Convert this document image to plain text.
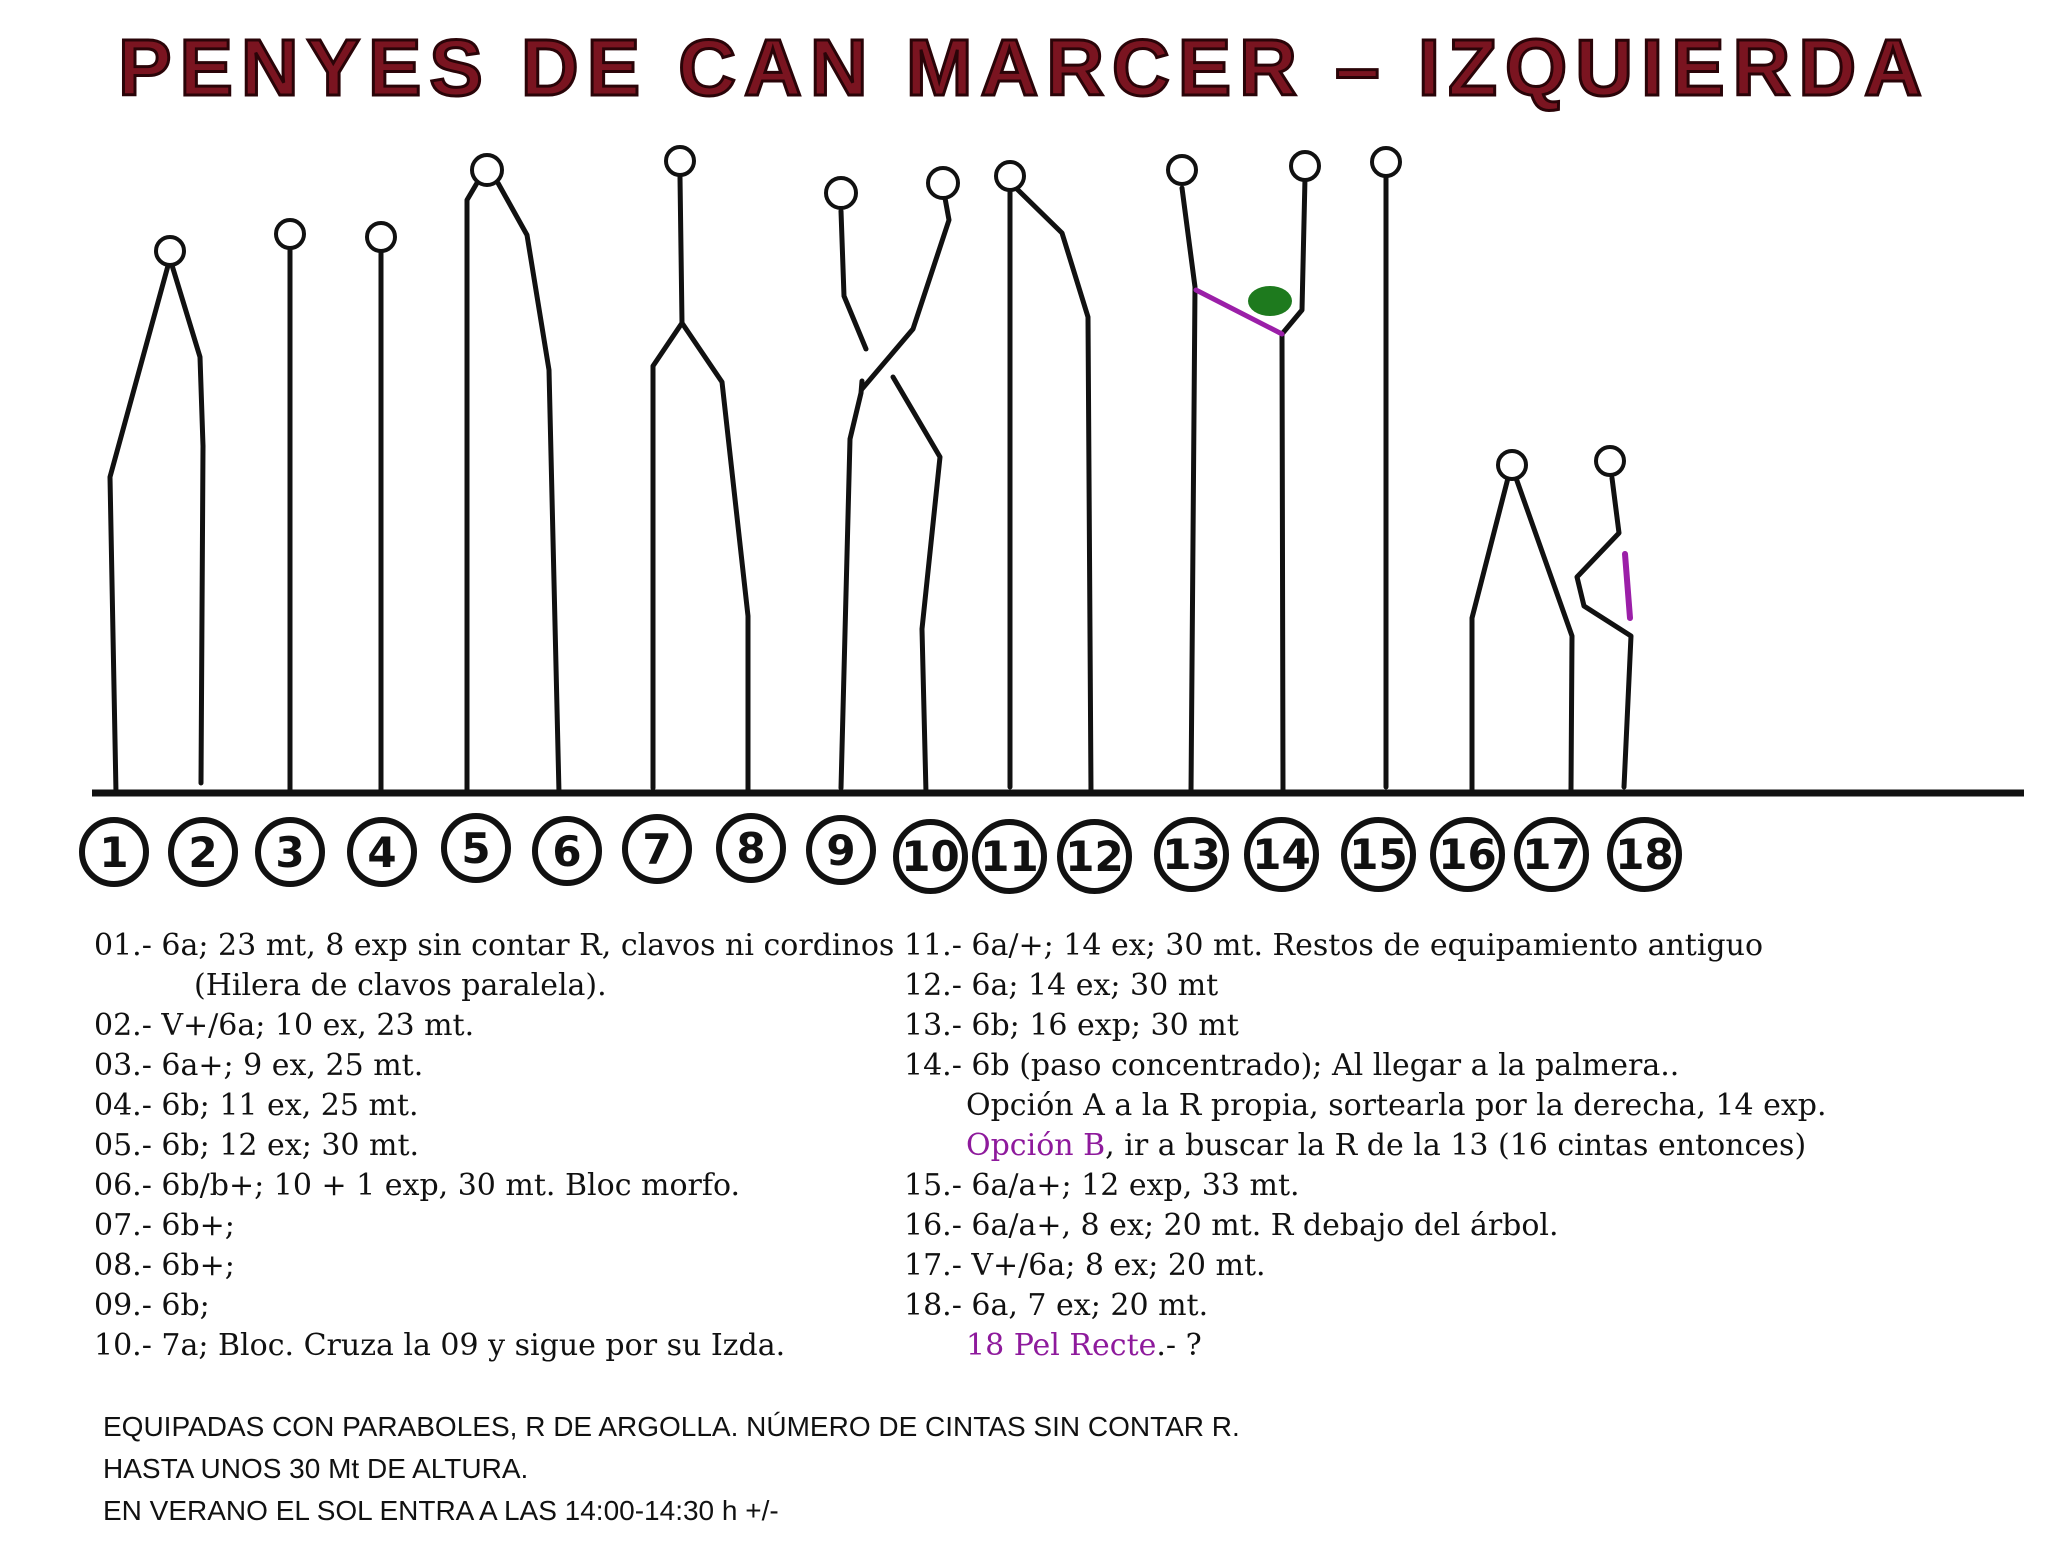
PENYES DE CAN MARCER – IZQUIERDA
1	2	3	4	5	6	7	8	9	10 11 12 13 14 15 16 17 18
01.- 6a; 23 mt, 8 exp sin contar R, clavos ni cordinos
(Hilera de clavos paralela).
02.- V+/6a; 10 ex, 23 mt.
03.- 6a+; 9 ex, 25 mt.
04.- 6b; 11 ex, 25 mt.
05.- 6b; 12 ex; 30 mt.
06.- 6b/b+; 10 + 1 exp, 30 mt. Bloc morfo.
07.- 6b+;
08.- 6b+;
09.- 6b;
10.- 7a; Bloc. Cruza la 09 y sigue por su Izda.
11.- 6a/+; 14 ex; 30 mt. Restos de equipamiento antiguo
12.- 6a; 14 ex; 30 mt
13.- 6b; 16 exp; 30 mt
14.- 6b (paso concentrado); Al llegar a la palmera..
Opción A a la R propia, sortearla por la derecha, 14 exp.
Opción B, ir a buscar la R de la 13 (16 cintas entonces)
15.- 6a/a+; 12 exp, 33 mt.
16.- 6a/a+, 8 ex; 20 mt. R debajo del árbol.
17.- V+/6a; 8 ex; 20 mt.
18.- 6a, 7 ex; 20 mt.
18 Pel Recte.- ?
EQUIPADAS CON PARABOLES, R DE ARGOLLA. NÚMERO DE CINTAS SIN CONTAR R.
HASTA UNOS 30 Mt DE ALTURA.
EN VERANO EL SOL ENTRA A LAS 14:00-14:30 h +/-
